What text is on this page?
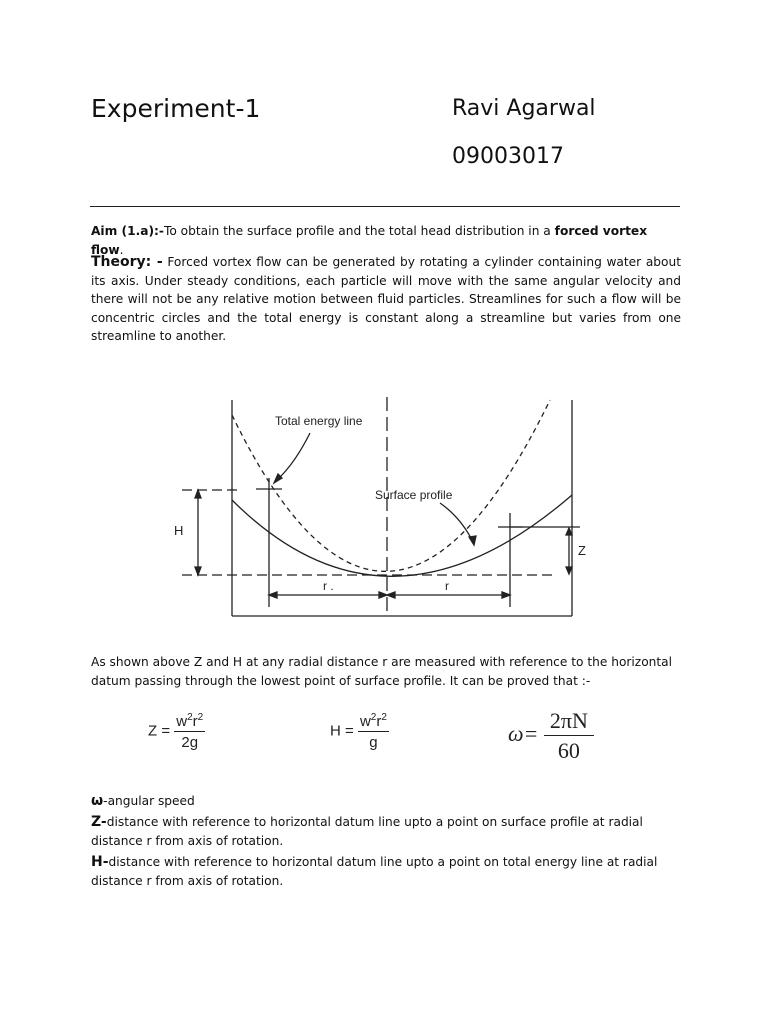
Experiment-1	Ravi Agarwal
09003017
Aim (1.a):-To obtain the surface profile and the total head distribution in a forced vortex flow.
Theory: - Forced vortex flow can be generated by rotating a cylinder containing water about its axis. Under steady conditions, each particle will move with the same angular velocity and there will not be any relative motion between fluid particles. Streamlines for such a flow will be concentric circles and the total energy is constant along a streamline but varies from one streamline to another.
Total energy line
Surface profile
H
Z
r .	r
As shown above Z and H at any radial distance r are measured with reference to the horizontal datum passing through the lowest point of surface profile. It can be proved that :-
$Z = \frac{w^2r^2}{2g}$	$H = \frac{w^2r^2}{g}$	$\omega= \frac{2\pi N}{60}$
ω-angular speed
Z-distance with reference to horizontal datum line upto a point on surface profile at radial distance r from axis of rotation.
H-distance with reference to horizontal datum line upto a point on total energy line at radial distance r from axis of rotation.
